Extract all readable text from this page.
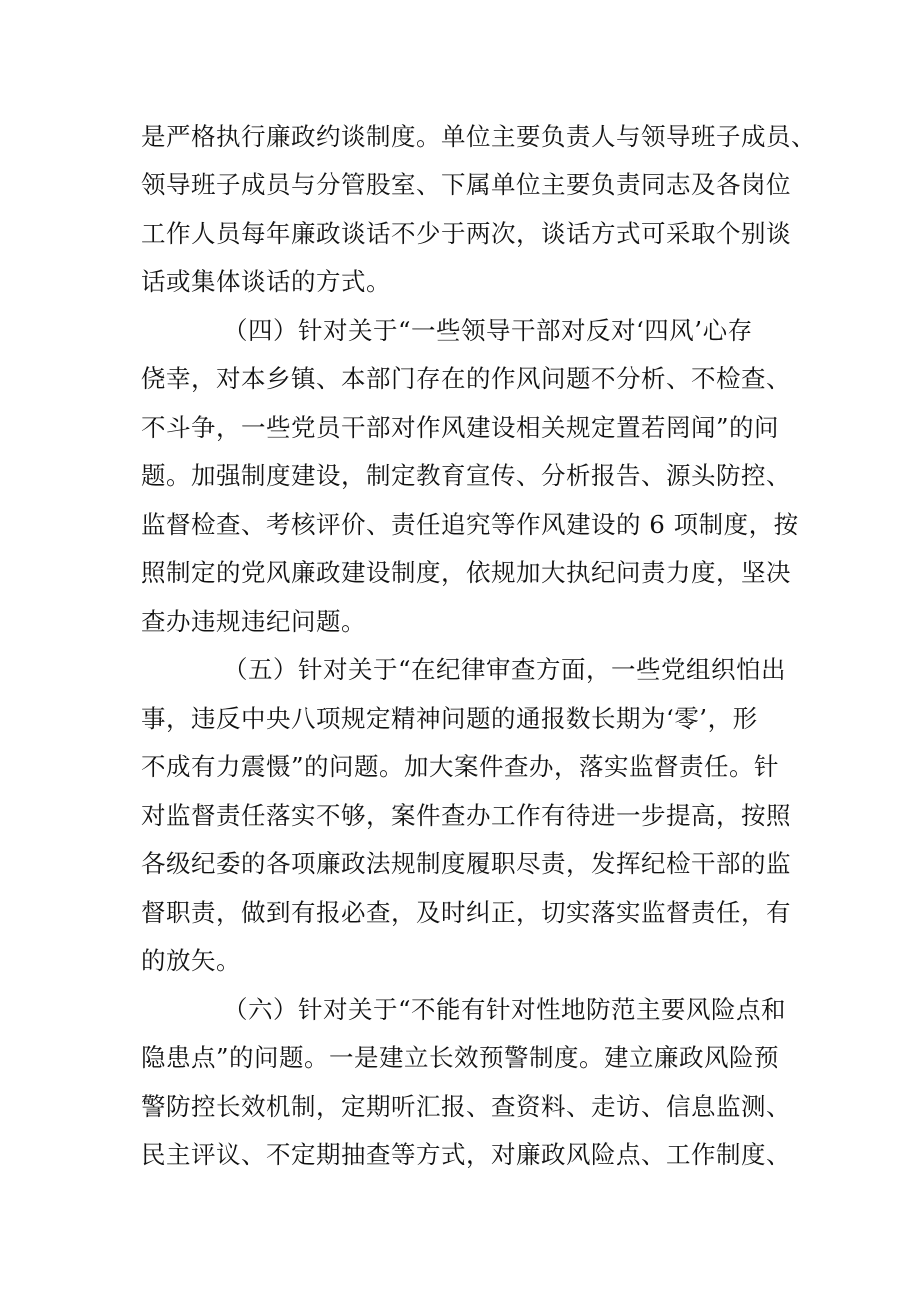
是严格执行廉政约谈制度。单位主要负责人与领导班子成员、
领导班子成员与分管股室、下属单位主要负责同志及各岗位
工作人员每年廉政谈话不少于两次，谈话方式可采取个别谈
话或集体谈话的方式。
（四）针对关于“一些领导干部对反对‘四风’心存
侥幸，对本乡镇、本部门存在的作风问题不分析、不检查、
不斗争，一些党员干部对作风建设相关规定置若罔闻”的问
题。加强制度建设，制定教育宣传、分析报告、源头防控、
监督检查、考核评价、责任追究等作风建设的 6 项制度，按
照制定的党风廉政建设制度，依规加大执纪问责力度，坚决
查办违规违纪问题。
（五）针对关于“在纪律审查方面，一些党组织怕出
事，违反中央八项规定精神问题的通报数长期为‘零’，形
不成有力震慑”的问题。加大案件查办，落实监督责任。针
对监督责任落实不够，案件查办工作有待进一步提高，按照
各级纪委的各项廉政法规制度履职尽责，发挥纪检干部的监
督职责，做到有报必查，及时纠正，切实落实监督责任，有
的放矢。
（六）针对关于“不能有针对性地防范主要风险点和
隐患点”的问题。一是建立长效预警制度。建立廉政风险预
警防控长效机制，定期听汇报、查资料、走访、信息监测、
民主评议、不定期抽查等方式，对廉政风险点、工作制度、
